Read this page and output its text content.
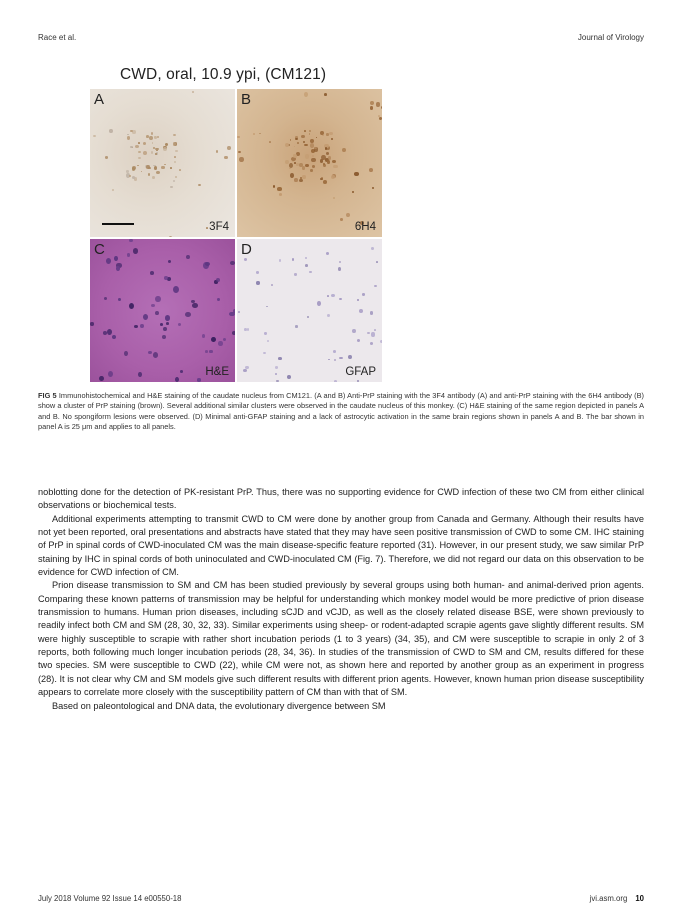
Race et al.	Journal of Virology
CWD, oral, 10.9 ypi, (CM121)
A
3F4
B
6H4
C
H&E
D
GFAP
FIG 5 Immunohistochemical and H&E staining of the caudate nucleus from CM121. (A and B) Anti-PrP staining with the 3F4 antibody (A) and anti-PrP staining with the 6H4 antibody (B) show a cluster of PrP staining (brown). Several additional similar clusters were observed in the caudate nucleus of this monkey. (C) H&E staining of the same region depicted in panels A and B. No spongiform lesions were observed. (D) Minimal anti-GFAP staining and a lack of astrocytic activation in the same brain regions shown in panels A and B. The bar shown in panel A is 25 μm and applies to all panels.

noblotting done for the detection of PK-resistant PrP. Thus, there was no supporting evidence for CWD infection of these two CM from either clinical observations or biochemical tests.

Additional experiments attempting to transmit CWD to CM were done by another group from Canada and Germany. Although their results have not yet been reported, oral presentations and abstracts have stated that they may have seen positive transmission of CWD to some CM. IHC staining of PrP in spinal cords of CWD-inoculated CM was the main disease-specific feature reported (31). However, in our present study, we saw similar PrP staining by IHC in spinal cords of both uninoculated and CWD-inoculated CM (Fig. 7). Therefore, we did not regard our data on this observation to be evidence for CWD infection of CM.

Prion disease transmission to SM and CM has been studied previously by several groups using both human- and animal-derived prion agents. Comparing these known patterns of transmission may be helpful for understanding which monkey model would be more predictive of prion disease transmission to humans. Human prion diseases, including sCJD and vCJD, as well as the closely related disease BSE, were shown previously to readily infect both CM and SM (28, 30, 32, 33). Similar experiments using sheep- or rodent-adapted scrapie agents gave slightly different results. SM were highly susceptible to scrapie with rather short incubation periods (1 to 3 years) (34, 35), and CM were susceptible to scrapie in only 2 of 3 reports, both following much longer incubation periods (28, 34, 36). In studies of the transmission of CWD to SM and CM, results differed for these two species. SM were susceptible to CWD (22), while CM were not, as shown here and reported by another group as an experiment in progress (28). It is not clear why CM and SM models give such different results with different prion agents. However, known human prion disease susceptibility appears to correlate more closely with the susceptibility pattern of CM than with that of SM.

Based on paleontological and DNA data, the evolutionary divergence between SM

July 2018 Volume 92 Issue 14 e00550-18	jvi.asm.org 10
